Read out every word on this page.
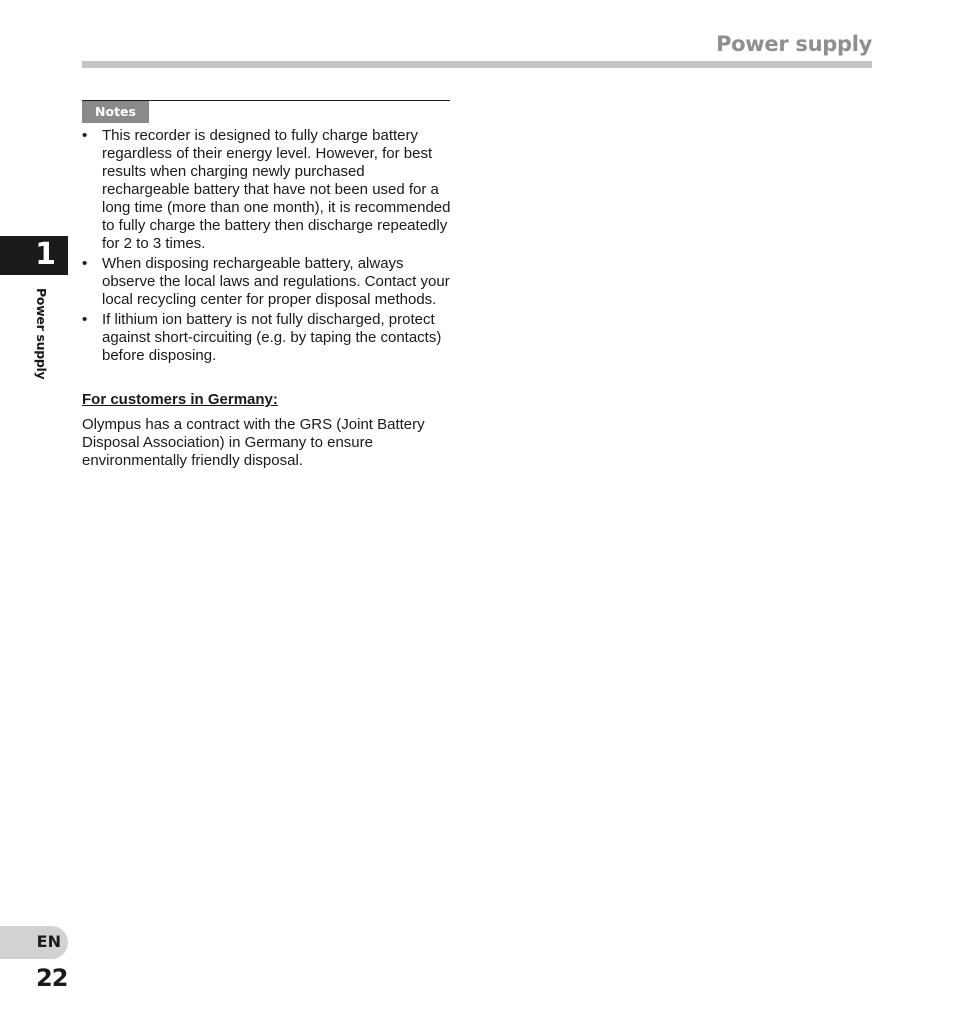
Power supply
Notes
• This recorder is designed to fully charge battery regardless of their energy level. However, for best results when charging newly purchased rechargeable battery that have not been used for a long time (more than one month), it is recommended to fully charge the battery then discharge repeatedly for 2 to 3 times.
• When disposing rechargeable battery, always observe the local laws and regulations. Contact your local recycling center for proper disposal methods.
• If lithium ion battery is not fully discharged, protect against short-circuiting (e.g. by taping the contacts) before disposing.
For customers in Germany:
Olympus has a contract with the GRS (Joint Battery Disposal Association) in Germany to ensure environmentally friendly disposal.
1
Power supply
EN
22
